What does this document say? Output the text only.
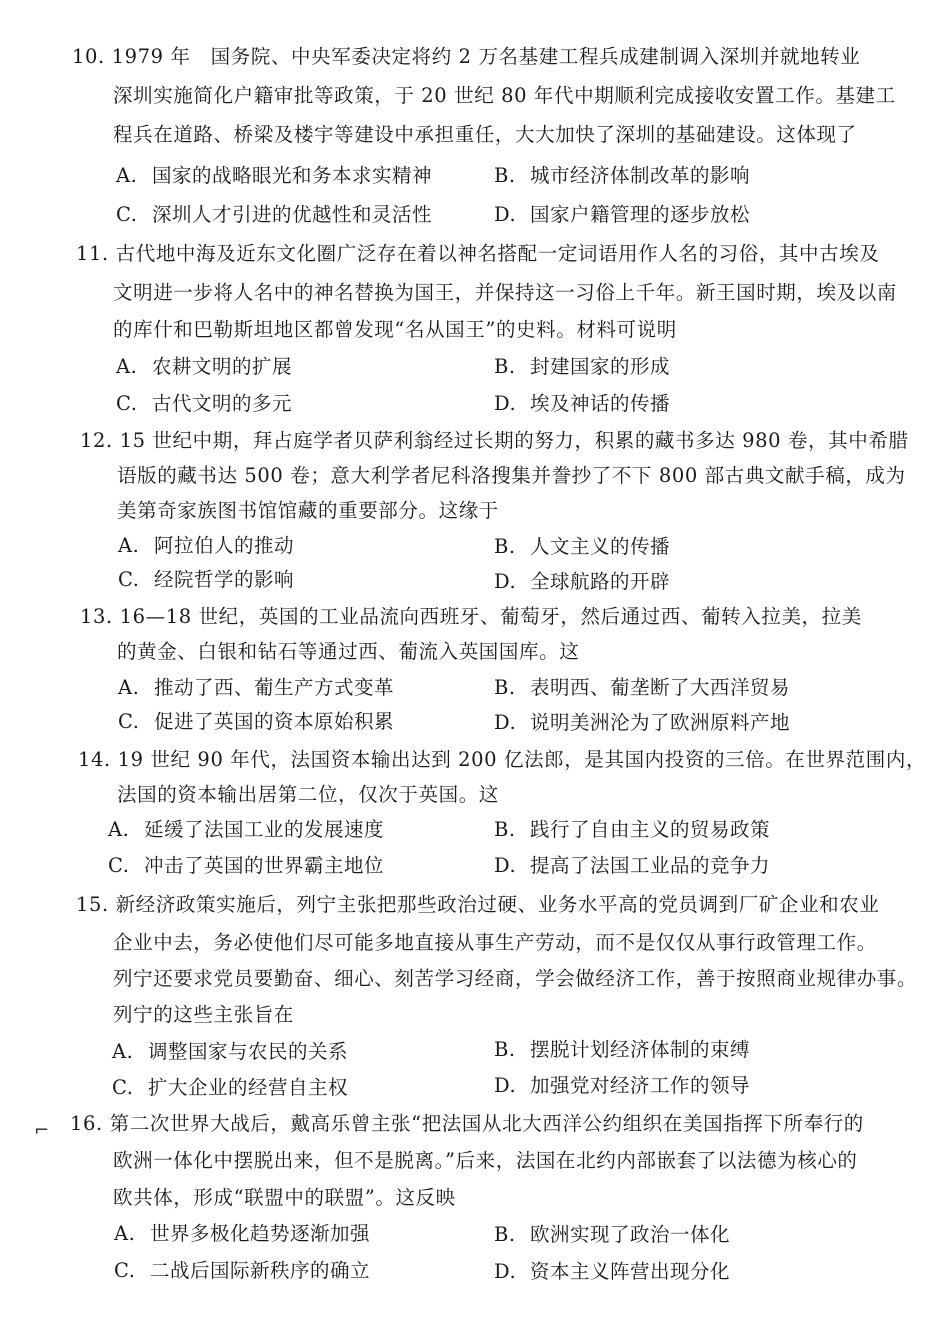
10. 1979 年　国务院、中央军委决定将约 2 万名基建工程兵成建制调入深圳并就地转业
深圳实施简化户籍审批等政策，于 20 世纪 80 年代中期顺利完成接收安置工作。基建工
程兵在道路、桥梁及楼宇等建设中承担重任，大大加快了深圳的基础建设。这体现了
A. 国家的战略眼光和务本求实精神	B. 城市经济体制改革的影响
C. 深圳人才引进的优越性和灵活性	D. 国家户籍管理的逐步放松
11. 古代地中海及近东文化圈广泛存在着以神名搭配一定词语用作人名的习俗，其中古埃及
文明进一步将人名中的神名替换为国王，并保持这一习俗上千年。新王国时期，埃及以南
的库什和巴勒斯坦地区都曾发现“名从国王”的史料。材料可说明
A. 农耕文明的扩展	B. 封建国家的形成
C. 古代文明的多元	D. 埃及神话的传播
12. 15 世纪中期，拜占庭学者贝萨利翁经过长期的努力，积累的藏书多达 980 卷，其中希腊
语版的藏书达 500 卷；意大利学者尼科洛搜集并誊抄了不下 800 部古典文献手稿，成为
美第奇家族图书馆馆藏的重要部分。这缘于
A. 阿拉伯人的推动	B. 人文主义的传播
C. 经院哲学的影响	D. 全球航路的开辟
13. 16—18 世纪，英国的工业品流向西班牙、葡萄牙，然后通过西、葡转入拉美，拉美
的黄金、白银和钻石等通过西、葡流入英国国库。这
A. 推动了西、葡生产方式变革	B. 表明西、葡垄断了大西洋贸易
C. 促进了英国的资本原始积累	D. 说明美洲沦为了欧洲原料产地
14. 19 世纪 90 年代，法国资本输出达到 200 亿法郎，是其国内投资的三倍。在世界范围内，
法国的资本输出居第二位，仅次于英国。这
A. 延缓了法国工业的发展速度	B. 践行了自由主义的贸易政策
C. 冲击了英国的世界霸主地位	D. 提高了法国工业品的竞争力
15. 新经济政策实施后，列宁主张把那些政治过硬、业务水平高的党员调到厂矿企业和农业
企业中去，务必使他们尽可能多地直接从事生产劳动，而不是仅仅从事行政管理工作。
列宁还要求党员要勤奋、细心、刻苦学习经商，学会做经济工作，善于按照商业规律办事。
列宁的这些主张旨在
A. 调整国家与农民的关系	B. 摆脱计划经济体制的束缚
C. 扩大企业的经营自主权	D. 加强党对经济工作的领导
16. 第二次世界大战后，戴高乐曾主张“把法国从北大西洋公约组织在美国指挥下所奉行的
欧洲一体化中摆脱出来，但不是脱离。”后来，法国在北约内部嵌套了以法德为核心的
欧共体，形成“联盟中的联盟”。这反映
A. 世界多极化趋势逐渐加强	B. 欧洲实现了政治一体化
C. 二战后国际新秩序的确立	D. 资本主义阵营出现分化
⌐
